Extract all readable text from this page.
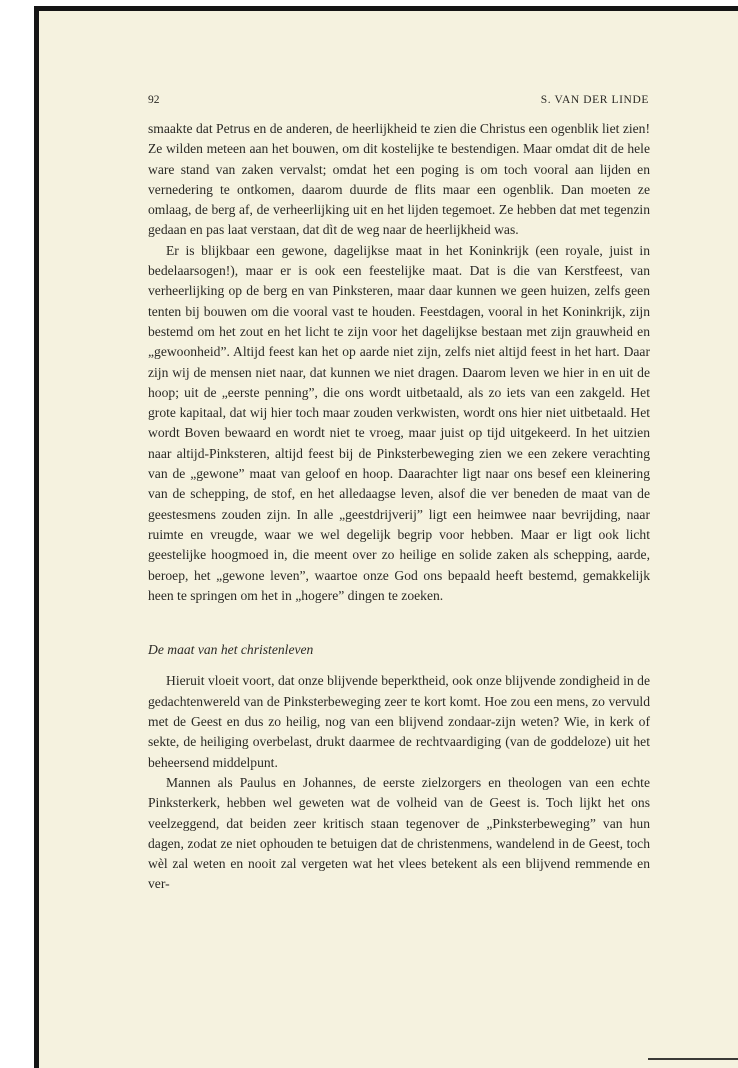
92	S. VAN DER LINDE

smaakte dat Petrus en de anderen, de heerlijkheid te zien die Christus een ogenblik liet zien! Ze wilden meteen aan het bouwen, om dit kostelijke te bestendigen. Maar omdat dit de hele ware stand van zaken vervalst; omdat het een poging is om toch vooral aan lijden en vernedering te ontkomen, daarom duurde de flits maar een ogenblik. Dan moeten ze omlaag, de berg af, de verheerlijking uit en het lijden tegemoet. Ze hebben dat met tegenzin gedaan en pas laat verstaan, dat dìt de weg naar de heerlijkheid was.

Er is blijkbaar een gewone, dagelijkse maat in het Koninkrijk (een royale, juist in bedelaarsogen!), maar er is ook een feestelijke maat. Dat is die van Kerstfeest, van verheerlijking op de berg en van Pinksteren, maar daar kunnen we geen huizen, zelfs geen tenten bij bouwen om die vooral vast te houden. Feestdagen, vooral in het Koninkrijk, zijn bestemd om het zout en het licht te zijn voor het dagelijkse bestaan met zijn grauwheid en „gewoonheid”. Altijd feest kan het op aarde niet zijn, zelfs niet altijd feest in het hart. Daar zijn wij de mensen niet naar, dat kunnen we niet dragen. Daarom leven we hier in en uit de hoop; uit de „eerste penning”, die ons wordt uitbetaald, als zo iets van een zakgeld. Het grote kapitaal, dat wij hier toch maar zouden verkwisten, wordt ons hier niet uitbetaald. Het wordt Boven bewaard en wordt niet te vroeg, maar juist op tijd uitgekeerd. In het uitzien naar altijd-Pinksteren, altijd feest bij de Pinksterbeweging zien we een zekere verachting van de „gewone” maat van geloof en hoop. Daarachter ligt naar ons besef een kleinering van de schepping, de stof, en het alledaagse leven, alsof die ver beneden de maat van de geestesmens zouden zijn. In alle „geestdrijverij” ligt een heimwee naar bevrijding, naar ruimte en vreugde, waar we wel degelijk begrip voor hebben. Maar er ligt ook licht geestelijke hoogmoed in, die meent over zo heilige en solide zaken als schepping, aarde, beroep, het „gewone leven”, waartoe onze God ons bepaald heeft bestemd, gemakkelijk heen te springen om het in „hogere” dingen te zoeken.

De maat van het christenleven

Hieruit vloeit voort, dat onze blijvende beperktheid, ook onze blijvende zondigheid in de gedachtenwereld van de Pinksterbeweging zeer te kort komt. Hoe zou een mens, zo vervuld met de Geest en dus zo heilig, nog van een blijvend zondaar-zijn weten? Wie, in kerk of sekte, de heiliging overbelast, drukt daarmee de rechtvaardiging (van de goddeloze) uit het beheersend middelpunt.

Mannen als Paulus en Johannes, de eerste zielzorgers en theologen van een echte Pinksterkerk, hebben wel geweten wat de volheid van de Geest is. Toch lijkt het ons veelzeggend, dat beiden zeer kritisch staan tegenover de „Pinksterbeweging” van hun dagen, zodat ze niet ophouden te betuigen dat de christenmens, wandelend in de Geest, toch wèl zal weten en nooit zal vergeten wat het vlees betekent als een blijvend remmende en ver-
